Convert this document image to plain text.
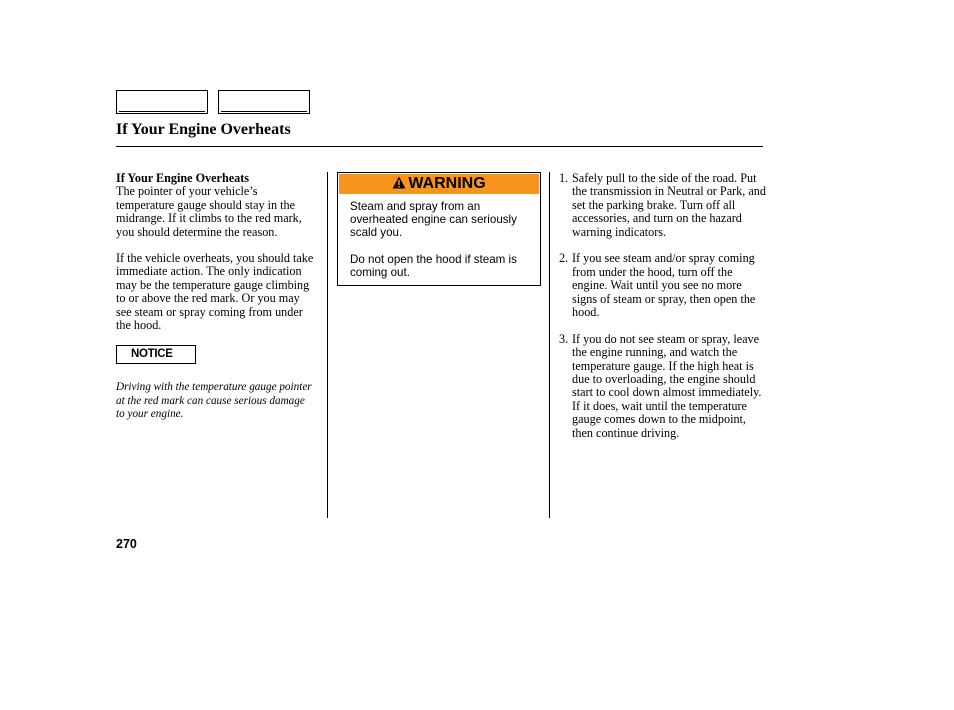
If Your Engine Overheats
If Your Engine Overheats

The pointer of your vehicle’s temperature gauge should stay in the midrange. If it climbs to the red mark, you should determine the reason.

If the vehicle overheats, you should take immediate action. The only indication may be the temperature gauge climbing to or above the red mark. Or you may see steam or spray coming from under the hood.

NOTICE
Driving with the temperature gauge pointer at the red mark can cause serious damage to your engine.
WARNING

Steam and spray from an overheated engine can seriously scald you.

Do not open the hood if steam is coming out.

1. Safely pull to the side of the road. Put the transmission in Neutral or Park, and set the parking brake. Turn off all accessories, and turn on the hazard warning indicators.
2. If you see steam and/or spray coming from under the hood, turn off the engine. Wait until you see no more signs of steam or spray, then open the hood.
3. If you do not see steam or spray, leave the engine running, and watch the temperature gauge. If the high heat is due to overloading, the engine should start to cool down almost immediately. If it does, wait until the temperature gauge comes down to the midpoint, then continue driving.
270
